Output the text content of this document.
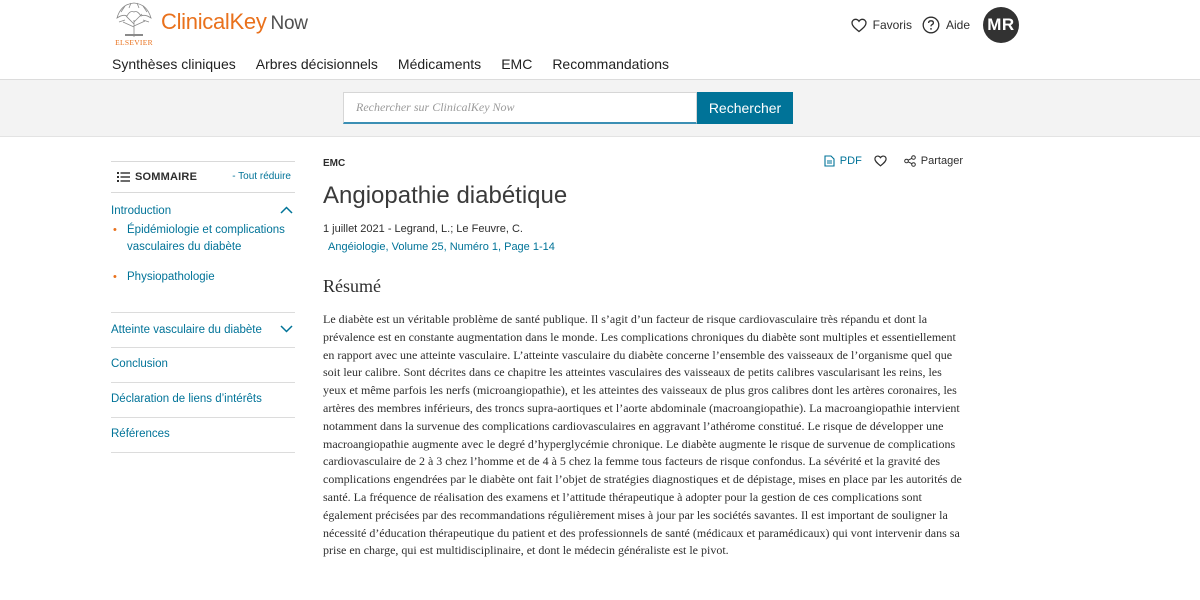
ELSEVIER
ClinicalKey Now	Favoris	Aide MR
Synthèses cliniques Arbres décisionnels Médicaments EMC Recommandations
Rechercher sur ClinicalKey Now
Rechercher
SOMMAIRE	- Tout réduire
Introduction
• Épidémiologie et complications vasculaires du diabète
• Physiopathologie
Atteinte vasculaire du diabète
Conclusion
Déclaration de liens d’intérêts
Références
EMC	PDF	Partager
Angiopathie diabétique
1 juillet 2021 - Legrand, L.; Le Feuvre, C.
Angéiologie, Volume 25, Numéro 1, Page 1-14
Résumé

Le diabète est un véritable problème de santé publique. Il s’agit d’un facteur de risque cardiovasculaire très répandu et dont la prévalence est en constante augmentation dans le monde. Les complications chroniques du diabète sont multiples et essentiellement en rapport avec une atteinte vasculaire. L’atteinte vasculaire du diabète concerne l’ensemble des vaisseaux de l’organisme quel que soit leur calibre. Sont décrites dans ce chapitre les atteintes vasculaires des vaisseaux de petits calibres vascularisant les reins, les yeux et même parfois les nerfs (microangiopathie), et les atteintes des vaisseaux de plus gros calibres dont les artères coronaires, les artères des membres inférieurs, des troncs supra-aortiques et l’aorte abdominale (macroangiopathie). La macroangiopathie intervient notamment dans la survenue des complications cardiovasculaires en aggravant l’athérome constitué. Le risque de développer une macroangiopathie augmente avec le degré d’hyperglycémie chronique. Le diabète augmente le risque de survenue de complications cardiovasculaire de 2 à 3 chez l’homme et de 4 à 5 chez la femme tous facteurs de risque confondus. La sévérité et la gravité des complications engendrées par le diabète ont fait l’objet de stratégies diagnostiques et de dépistage, mises en place par les autorités de santé. La fréquence de réalisation des examens et l’attitude thérapeutique à adopter pour la gestion de ces complications sont également précisées par des recommandations régulièrement mises à jour par les sociétés savantes. Il est important de souligner la nécessité d’éducation thérapeutique du patient et des professionnels de santé (médicaux et paramédicaux) qui vont intervenir dans sa prise en charge, qui est multidisciplinaire, et dont le médecin généraliste est le pivot.
